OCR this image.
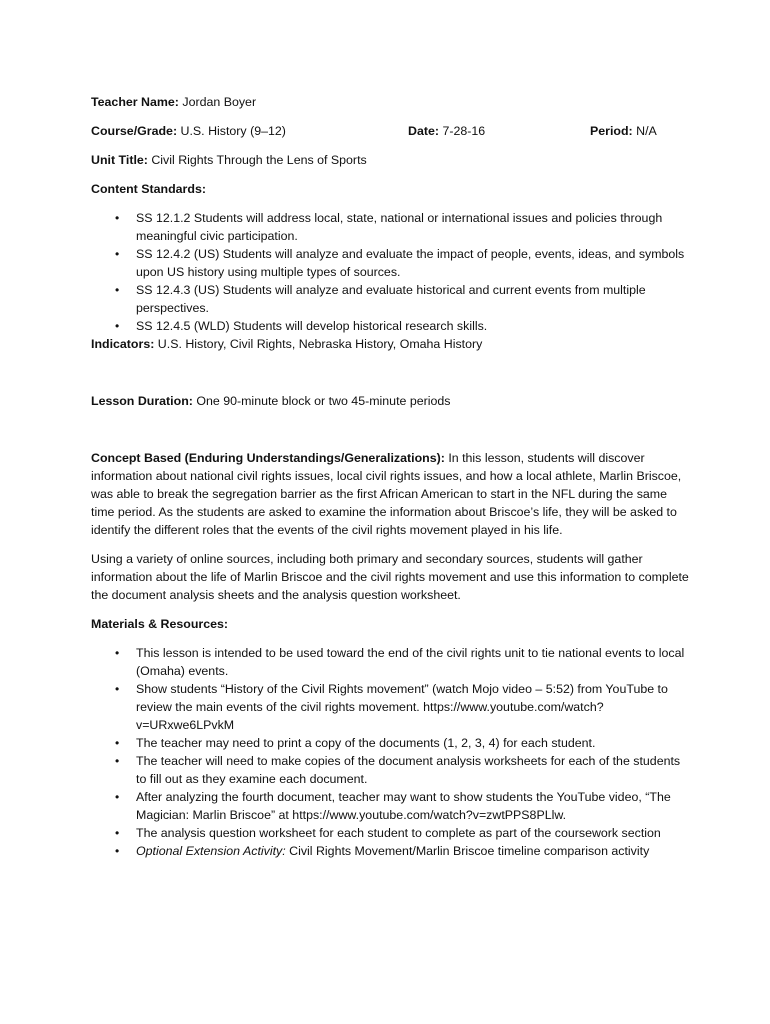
Teacher Name: Jordan Boyer
Course/Grade: U.S. History (9–12)	Date: 7-28-16	Period: N/A
Unit Title: Civil Rights Through the Lens of Sports
Content Standards:
• SS 12.1.2 Students will address local, state, national or international issues and policies through meaningful civic participation.
• SS 12.4.2 (US) Students will analyze and evaluate the impact of people, events, ideas, and symbols upon US history using multiple types of sources.
• SS 12.4.3 (US) Students will analyze and evaluate historical and current events from multiple perspectives.
• SS 12.4.5 (WLD) Students will develop historical research skills.
Indicators: U.S. History, Civil Rights, Nebraska History, Omaha History
Lesson Duration: One 90-minute block or two 45-minute periods
Concept Based (Enduring Understandings/Generalizations): In this lesson, students will discover information about national civil rights issues, local civil rights issues, and how a local athlete, Marlin Briscoe, was able to break the segregation barrier as the first African American to start in the NFL during the same time period. As the students are asked to examine the information about Briscoe’s life, they will be asked to identify the different roles that the events of the civil rights movement played in his life.
Using a variety of online sources, including both primary and secondary sources, students will gather information about the life of Marlin Briscoe and the civil rights movement and use this information to complete the document analysis sheets and the analysis question worksheet.
Materials & Resources:
• This lesson is intended to be used toward the end of the civil rights unit to tie national events to local (Omaha) events.
• Show students “History of the Civil Rights movement” (watch Mojo video – 5:52) from YouTube to review the main events of the civil rights movement. https://www.youtube.com/watch?v=URxwe6LPvkM
• The teacher may need to print a copy of the documents (1, 2, 3, 4) for each student.
• The teacher will need to make copies of the document analysis worksheets for each of the students to fill out as they examine each document.
• After analyzing the fourth document, teacher may want to show students the YouTube video, “The Magician: Marlin Briscoe” at https://www.youtube.com/watch?v=zwtPPS8PLlw.
• The analysis question worksheet for each student to complete as part of the coursework section
• Optional Extension Activity: Civil Rights Movement/Marlin Briscoe timeline comparison activity
